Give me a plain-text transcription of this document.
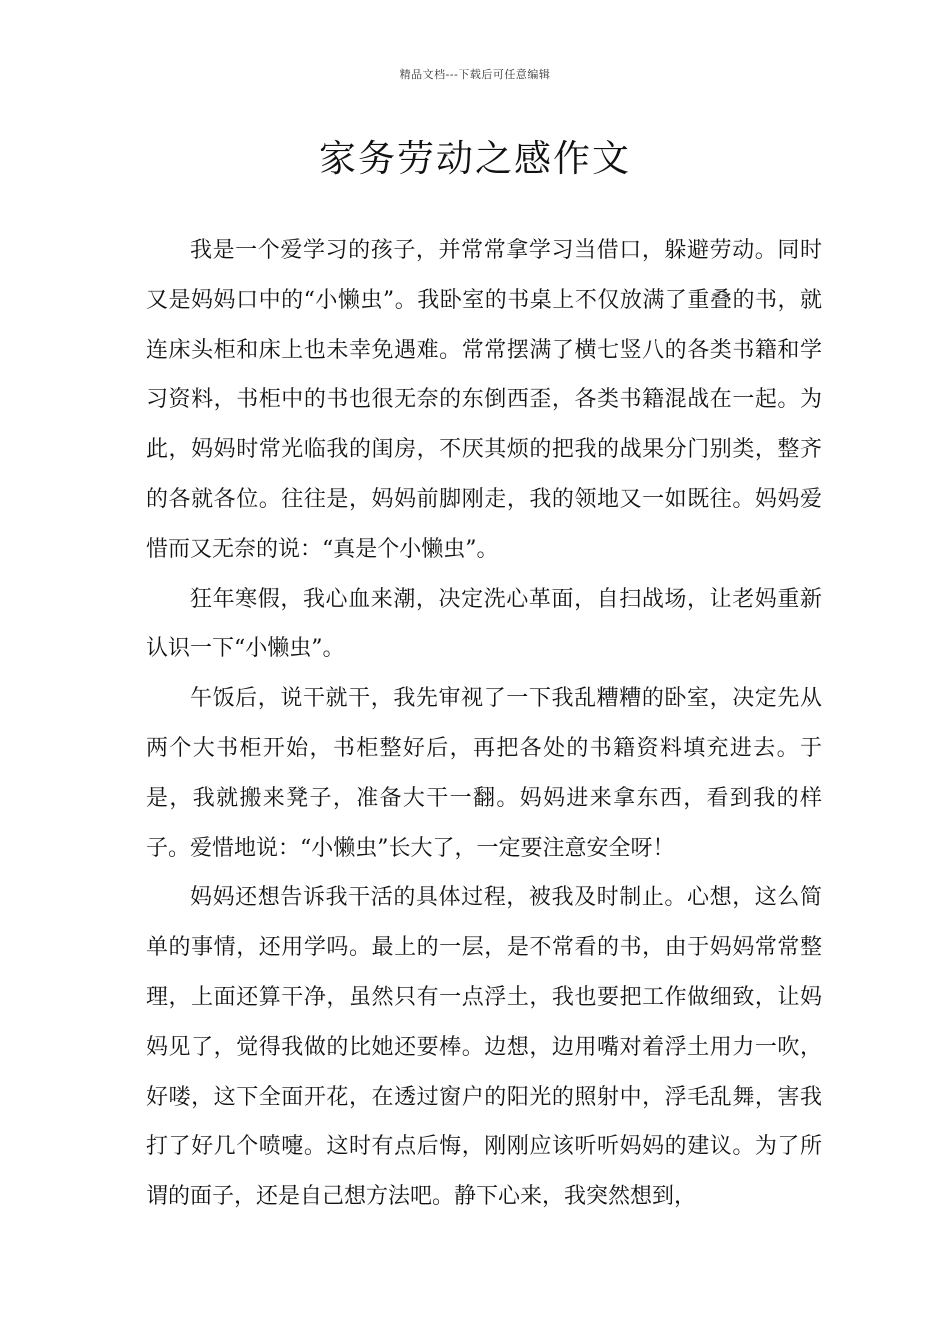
精品文档---下载后可任意编辑
家务劳动之感作文

我是一个爱学习的孩子，并常常拿学习当借口，躲避劳动。同时又是妈妈口中的“小懒虫”。我卧室的书桌上不仅放满了重叠的书，就连床头柜和床上也未幸免遇难。常常摆满了横七竖八的各类书籍和学习资料，书柜中的书也很无奈的东倒西歪，各类书籍混战在一起。为此，妈妈时常光临我的闺房，不厌其烦的把我的战果分门别类，整齐的各就各位。往往是，妈妈前脚刚走，我的领地又一如既往。妈妈爱惜而又无奈的说：“真是个小懒虫”。

狂年寒假，我心血来潮，决定洗心革面，自扫战场，让老妈重新认识一下“小懒虫”。

午饭后，说干就干，我先审视了一下我乱糟糟的卧室，决定先从两个大书柜开始，书柜整好后，再把各处的书籍资料填充进去。于是，我就搬来凳子，准备大干一翻。妈妈进来拿东西，看到我的样子。爱惜地说：“小懒虫”长大了，一定要注意安全呀！

妈妈还想告诉我干活的具体过程，被我及时制止。心想，这么简单的事情，还用学吗。最上的一层，是不常看的书，由于妈妈常常整理，上面还算干净，虽然只有一点浮土，我也要把工作做细致，让妈妈见了，觉得我做的比她还要棒。边想，边用嘴对着浮土用力一吹，好喽，这下全面开花，在透过窗户的阳光的照射中，浮毛乱舞，害我打了好几个喷嚏。这时有点后悔，刚刚应该听听妈妈的建议。为了所谓的面子，还是自己想方法吧。静下心来，我突然想到，
